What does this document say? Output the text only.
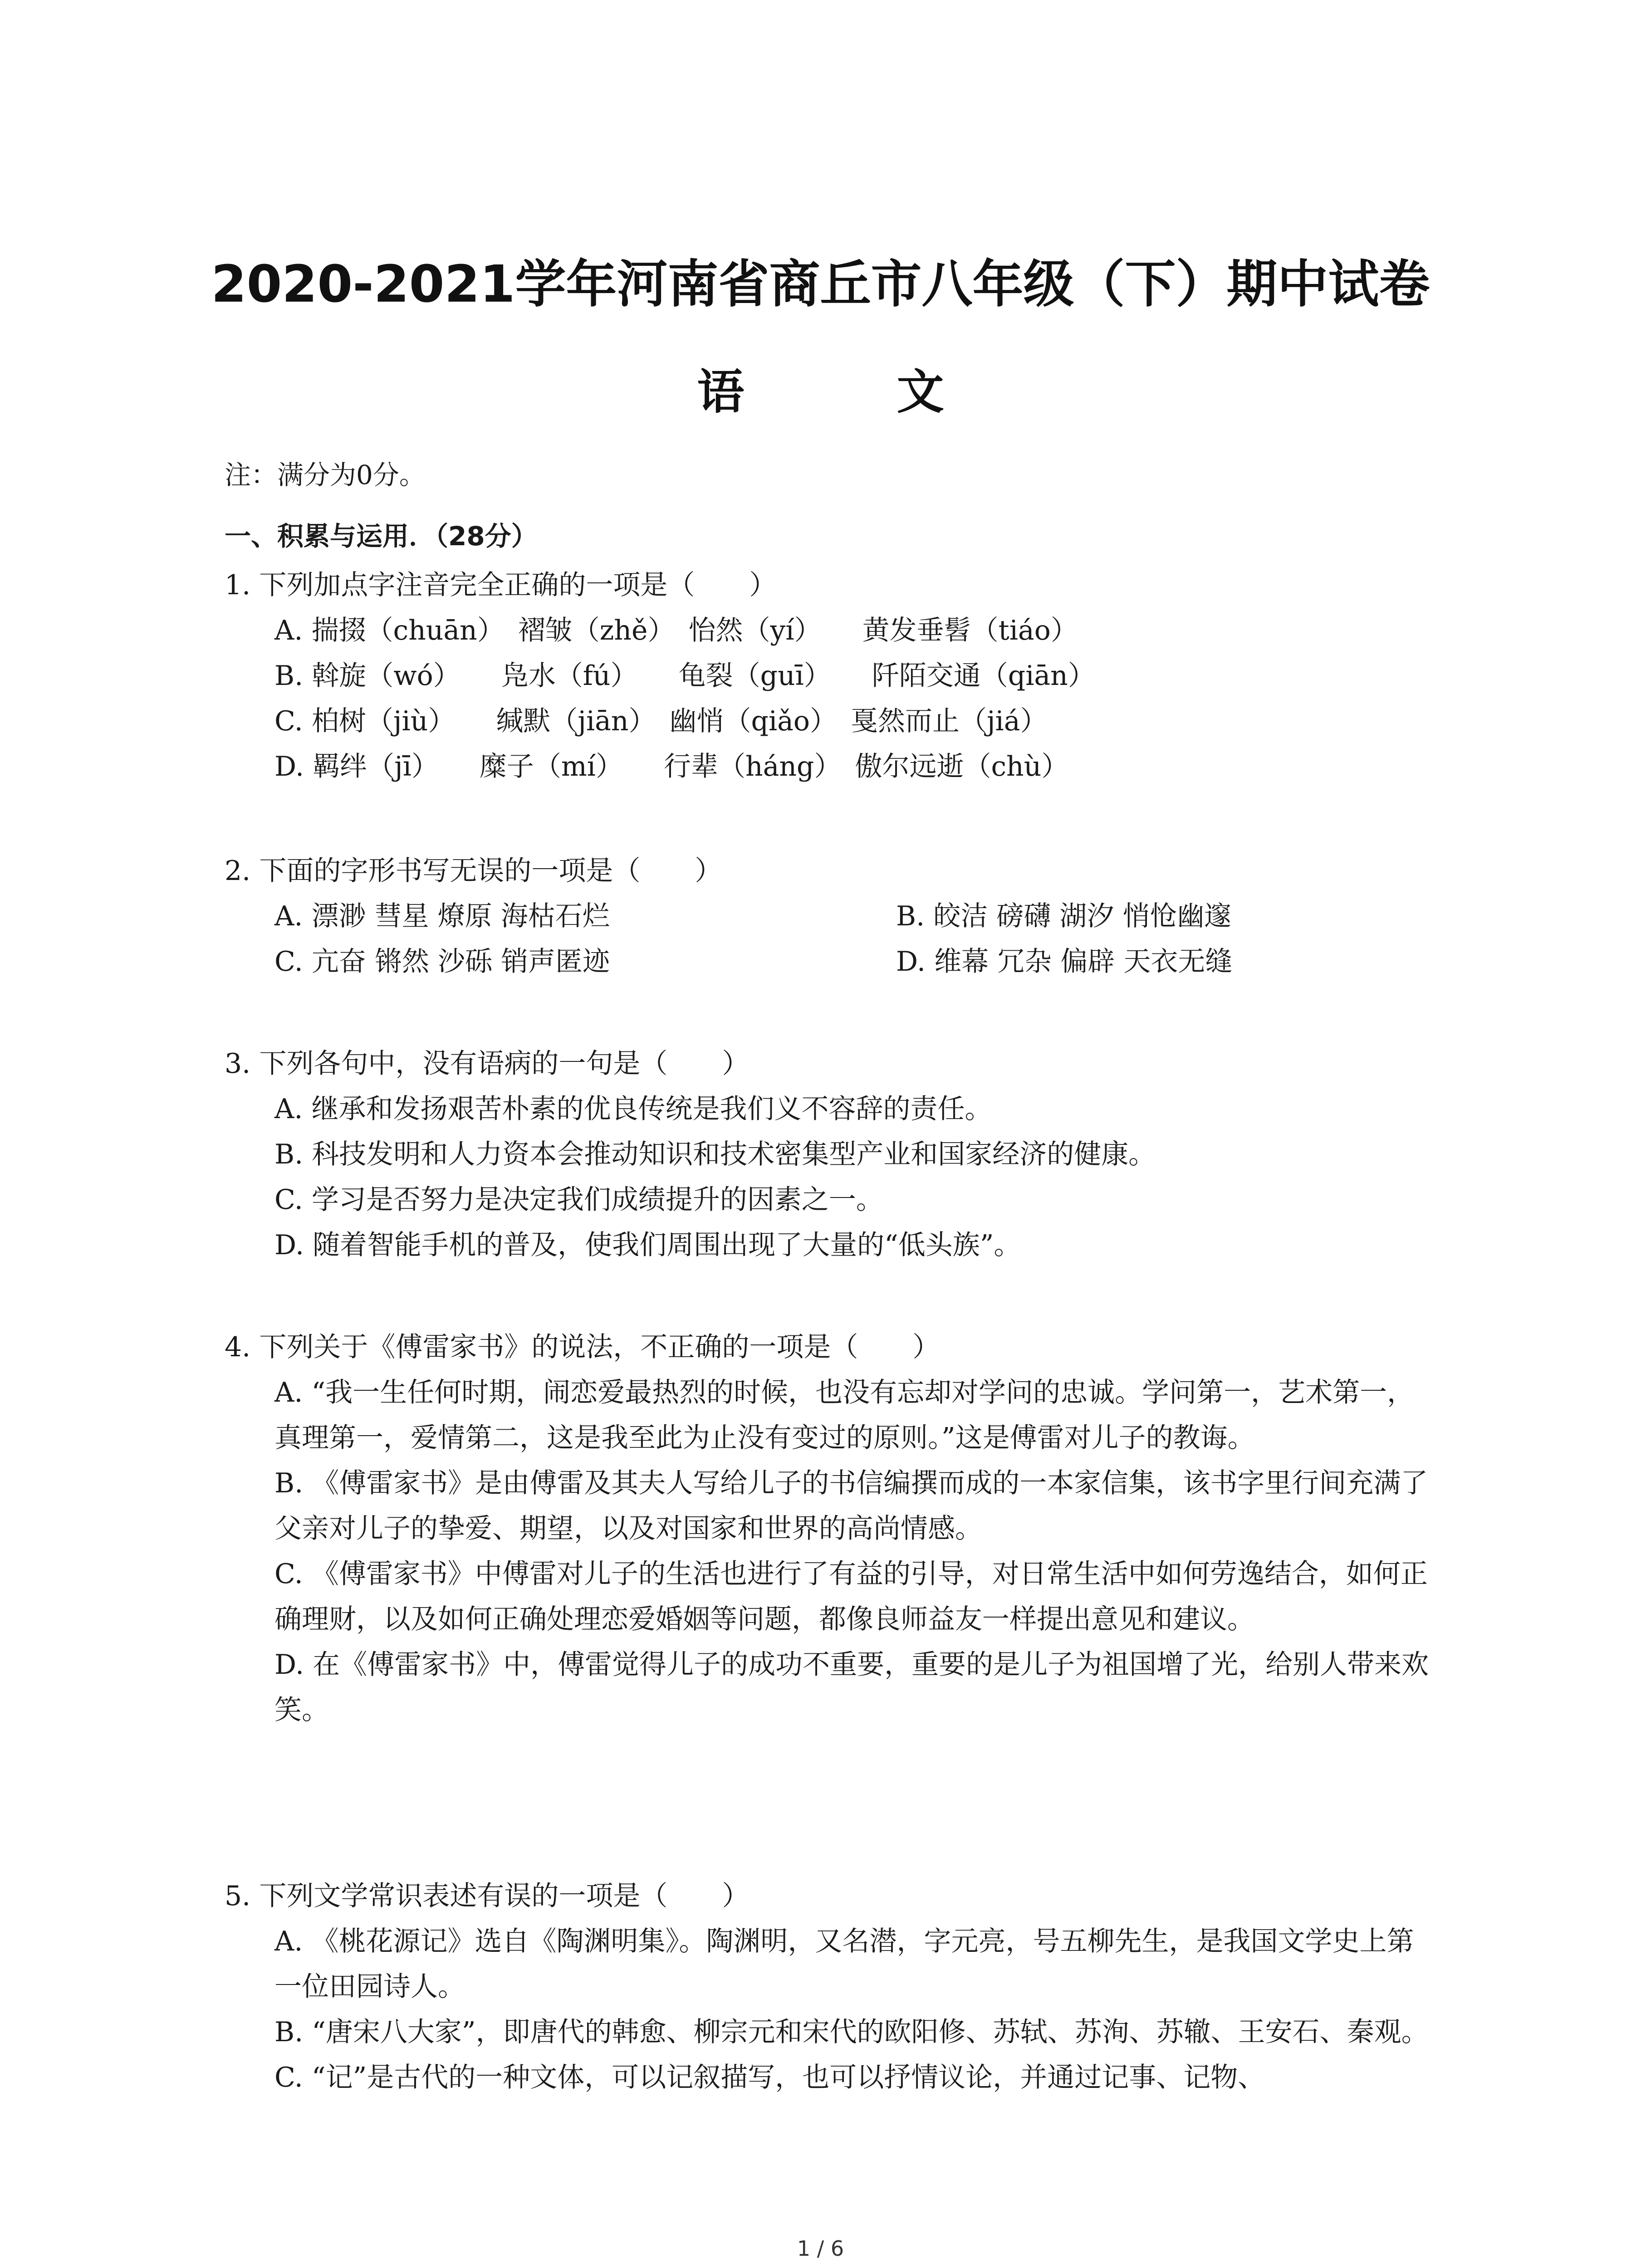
2020-2021学年河南省商丘市八年级（下）期中试卷
语 文
注：满分为0分。
一、积累与运用．（28分）

1. 下列加点字注音完全正确的一项是（　　）

A. 揣掇（chuān）　褶皱（zhě）　怡然（yí）　　黄发垂髫（tiáo）

B. 斡旋（wó）　　凫水（fú）　　龟裂（guī）　　阡陌交通（qiān）

C. 柏树（jiù）　　缄默（jiān）　幽悄（qiǎo）　戛然而止（jiá）

D. 羁绊（jī）　　糜子（mí）　　行辈（háng）　傲尔远逝（chù）

2. 下面的字形书写无误的一项是（　　）

A. 漂渺 彗星 燎原 海枯石烂	B. 皎洁 磅礴 湖汐 悄怆幽邃
C. 亢奋 锵然 沙砾 销声匿迹	D. 维幕 冗杂 偏辟 天衣无缝

3. 下列各句中，没有语病的一句是（　　）

A. 继承和发扬艰苦朴素的优良传统是我们义不容辞的责任。

B. 科技发明和人力资本会推动知识和技术密集型产业和国家经济的健康。

C. 学习是否努力是决定我们成绩提升的因素之一。

D. 随着智能手机的普及，使我们周围出现了大量的“低头族”。

4. 下列关于《傅雷家书》的说法，不正确的一项是（　　）

A. “我一生任何时期，闹恋爱最热烈的时候，也没有忘却对学问的忠诚。学问第一，艺术第一，真理第一，爱情第二，这是我至此为止没有变过的原则。”这是傅雷对儿子的教诲。

B. 《傅雷家书》是由傅雷及其夫人写给儿子的书信编撰而成的一本家信集，该书字里行间充满了父亲对儿子的挚爱、期望，以及对国家和世界的高尚情感。

C. 《傅雷家书》中傅雷对儿子的生活也进行了有益的引导，对日常生活中如何劳逸结合，如何正确理财，以及如何正确处理恋爱婚姻等问题，都像良师益友一样提出意见和建议。

D. 在《傅雷家书》中，傅雷觉得儿子的成功不重要，重要的是儿子为祖国增了光，给别人带来欢笑。

5. 下列文学常识表述有误的一项是（　　）

A. 《桃花源记》选自《陶渊明集》。陶渊明，又名潜，字元亮，号五柳先生，是我国文学史上第一位田园诗人。

B. “唐宋八大家”，即唐代的韩愈、柳宗元和宋代的欧阳修、苏轼、苏洵、苏辙、王安石、秦观。

C. “记”是古代的一种文体，可以记叙描写，也可以抒情议论，并通过记事、记物、

1 / 6
